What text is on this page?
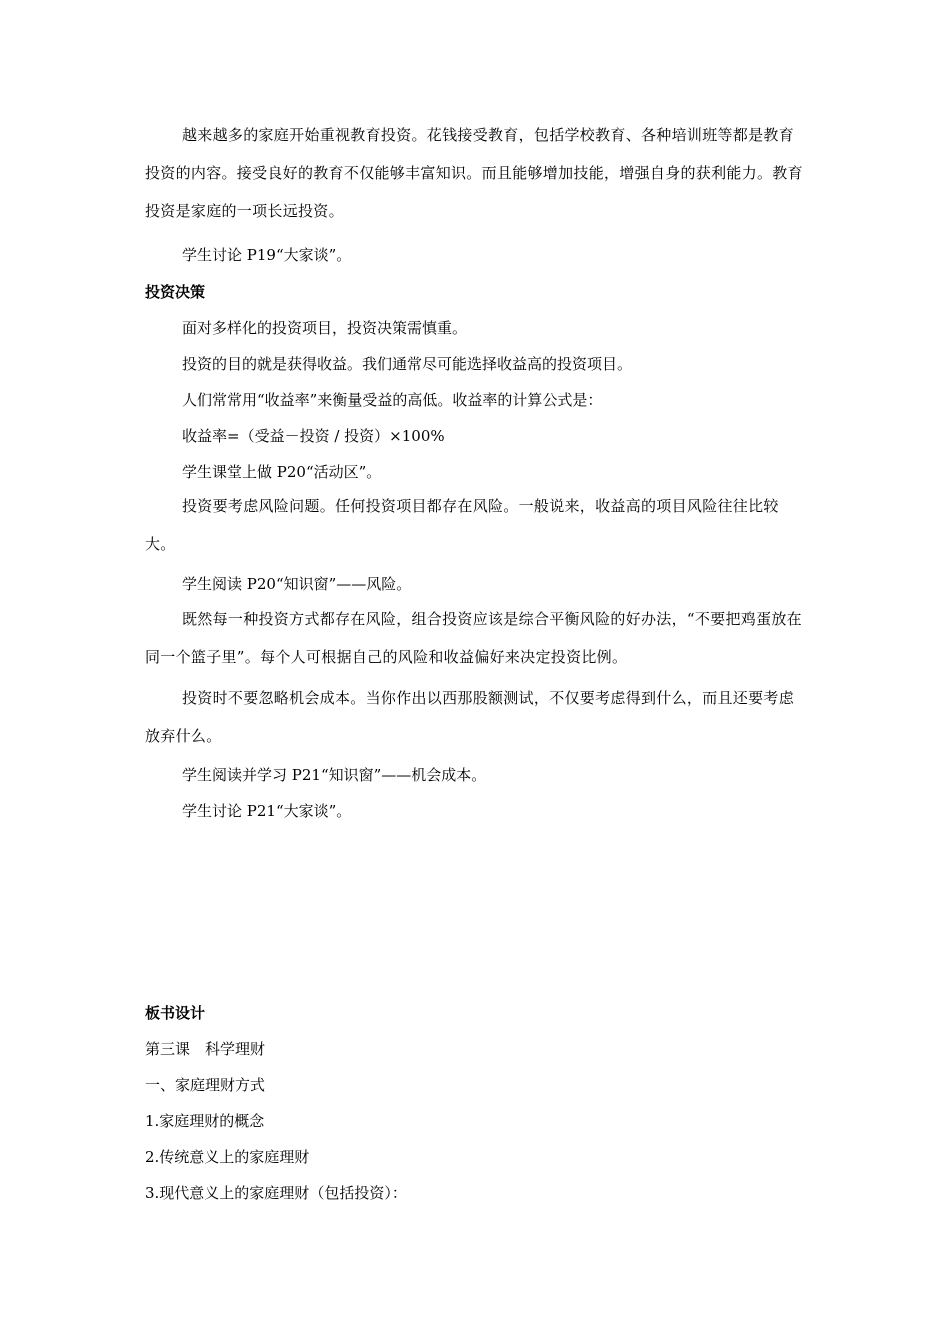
越来越多的家庭开始重视教育投资。花钱接受教育，包括学校教育、各种培训班等都是教育投资的内容。接受良好的教育不仅能够丰富知识。而且能够增加技能，增强自身的获利能力。教育投资是家庭的一项长远投资。
学生讨论 P19“大家谈”。
投资决策
面对多样化的投资项目，投资决策需慎重。
投资的目的就是获得收益。我们通常尽可能选择收益高的投资项目。
人们常常用“收益率”来衡量受益的高低。收益率的计算公式是：
收益率=（受益－投资 / 投资）×100%
学生课堂上做 P20“活动区”。
投资要考虑风险问题。任何投资项目都存在风险。一般说来，收益高的项目风险往往比较大。
学生阅读 P20“知识窗”——风险。
既然每一种投资方式都存在风险，组合投资应该是综合平衡风险的好办法，“不要把鸡蛋放在同一个篮子里”。每个人可根据自己的风险和收益偏好来决定投资比例。
投资时不要忽略机会成本。当你作出以西那股额测试，不仅要考虑得到什么，而且还要考虑放弃什么。
学生阅读并学习 P21“知识窗”——机会成本。
学生讨论 P21“大家谈”。
板书设计
第三课　科学理财
一、家庭理财方式
1.家庭理财的概念
2.传统意义上的家庭理财
3.现代意义上的家庭理财（包括投资）：
